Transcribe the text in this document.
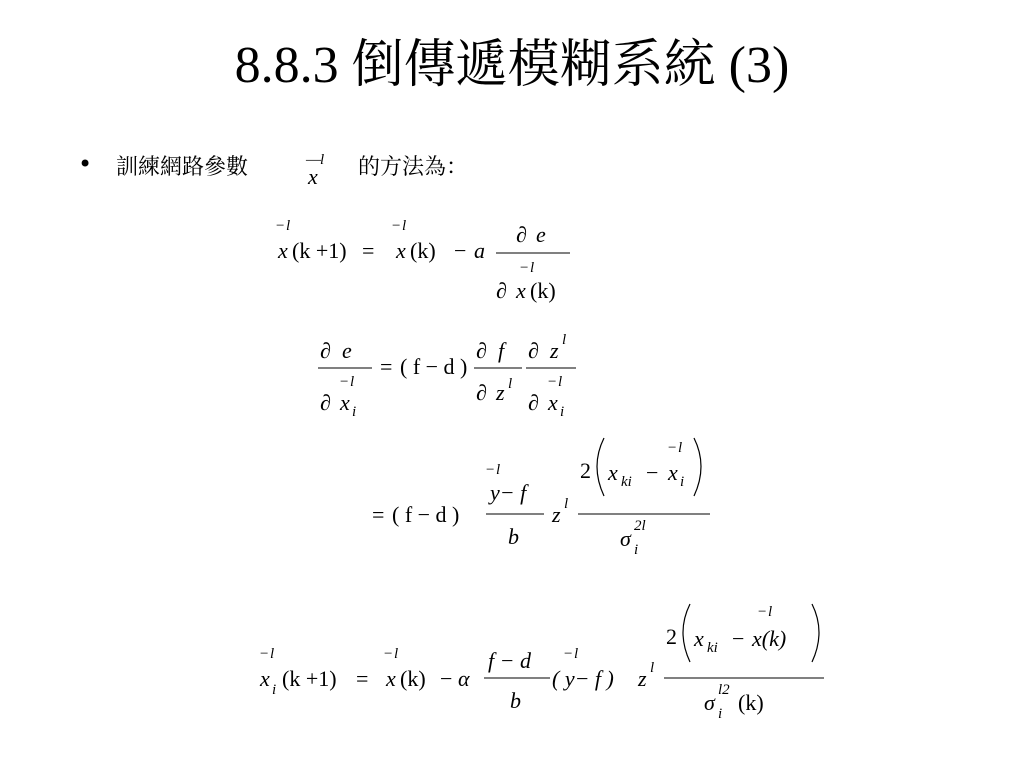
8.8.3 倒傳遞模糊系統 (3)
• 訓練網路參數	— l
x 的方法為：
− l
x (k +1) =
− l
x (k) − a
∂ e
− l
∂ x (k)
∂ e
− l
∂ x i
= ( f − d )
∂ f
∂ z l
∂ z l
− l
∂ x i
= ( f − d )
− l
y− f
b
z l
2 x ki −
− l
x i
σ 2l
i
− l
x i (k +1) =
− l
x (k) − α
f − d
b
− l
( y− f ) z l
2 x ki −
− l
x(k)
σ l2
i (k)
